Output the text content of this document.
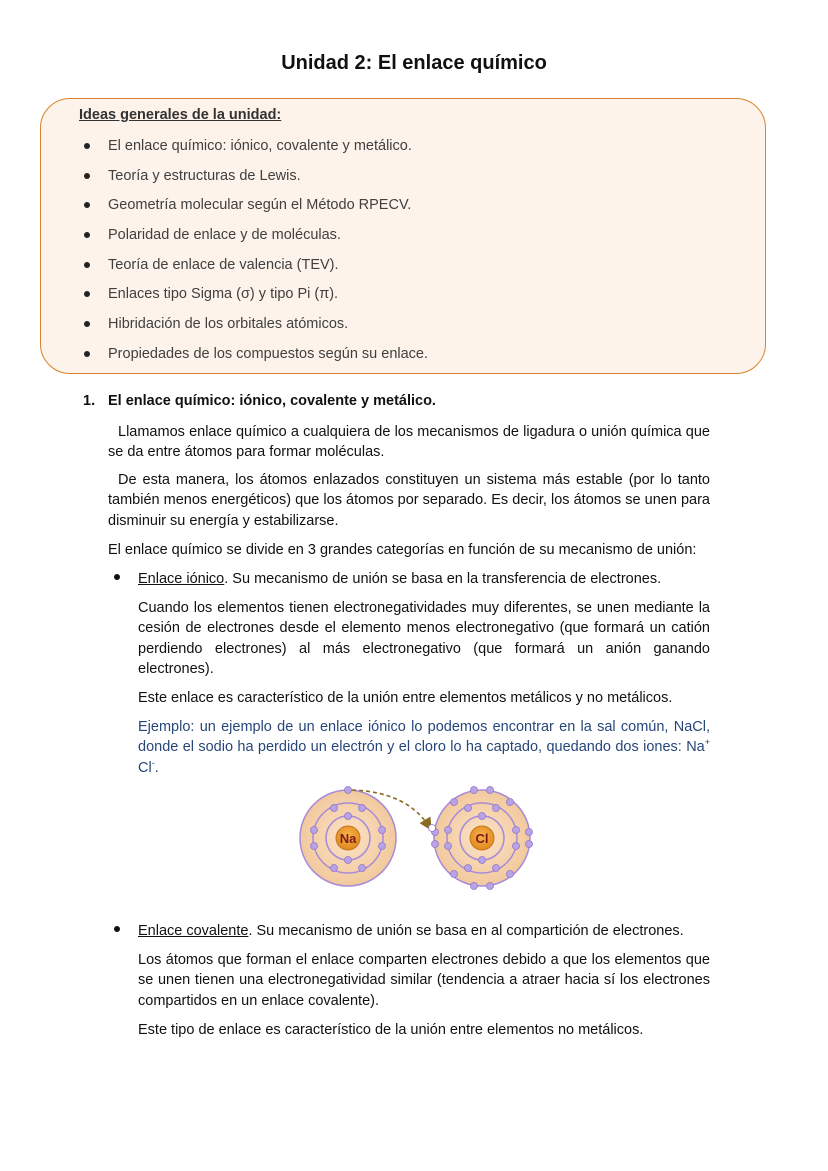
Unidad 2: El enlace químico
Ideas generales de la unidad:
El enlace químico: iónico, covalente y metálico.
Teoría y estructuras de Lewis.
Geometría molecular según el Método RPECV.
Polaridad de enlace y de moléculas.
Teoría de enlace de valencia (TEV).
Enlaces tipo Sigma (σ) y tipo Pi (π).
Hibridación de los orbitales atómicos.
Propiedades de los compuestos según su enlace.
1. El enlace químico: iónico, covalente y metálico.

Llamamos enlace químico a cualquiera de los mecanismos de ligadura o unión química que se da entre átomos para formar moléculas.

De esta manera, los átomos enlazados constituyen un sistema más estable (por lo tanto también menos energéticos) que los átomos por separado. Es decir, los átomos se unen para disminuir su energía y estabilizarse.

El enlace químico se divide en 3 grandes categorías en función de su mecanismo de unión:

Enlace iónico. Su mecanismo de unión se basa en la transferencia de electrones.

Cuando los elementos tienen electronegatividades muy diferentes, se unen mediante la cesión de electrones desde el elemento menos electronegativo (que formará un catión perdiendo electrones) al más electronegativo (que formará un anión ganando electrones).

Este enlace es característico de la unión entre elementos metálicos y no metálicos.

Ejemplo: un ejemplo de un enlace iónico lo podemos encontrar en la sal común, NaCl, donde el sodio ha perdido un electrón y el cloro lo ha captado, quedando dos iones: Na+ Cl-.

Na	Cl
Enlace covalente. Su mecanismo de unión se basa en al compartición de electrones.

Los átomos que forman el enlace comparten electrones debido a que los elementos que se unen tienen una electronegatividad similar (tendencia a atraer hacia sí los electrones compartidos en un enlace covalente).

Este tipo de enlace es característico de la unión entre elementos no metálicos.
